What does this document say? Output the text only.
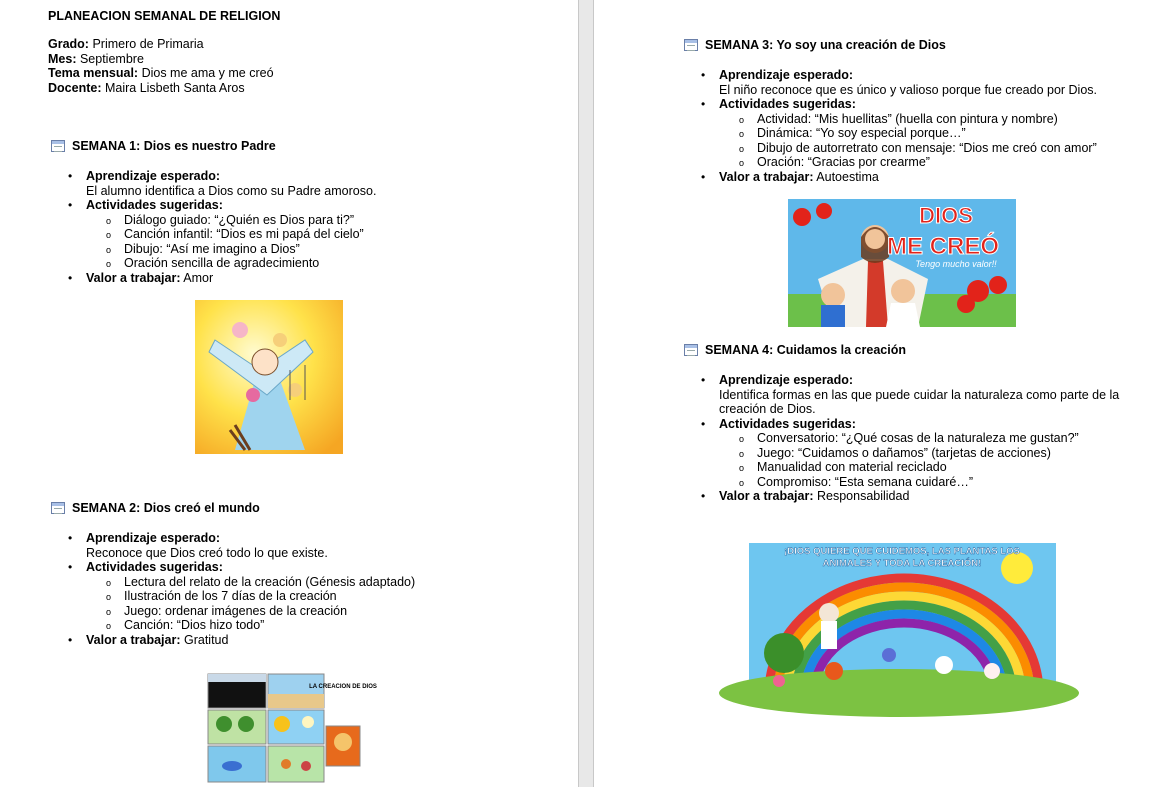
PLANEACION SEMANAL DE RELIGION
Grado: Primero de Primaria
Mes: Septiembre
Tema mensual: Dios me ama y me creó
Docente: Maira Lisbeth Santa Aros
SEMANA 1: Dios es nuestro Padre
• Aprendizaje esperado:
El alumno identifica a Dios como su Padre amoroso.
• Actividades sugeridas:
o Diálogo guiado: “¿Quién es Dios para ti?”
o Canción infantil: “Dios es mi papá del cielo”
o Dibujo: “Así me imagino a Dios”
o Oración sencilla de agradecimiento
• Valor a trabajar: Amor
SEMANA 2: Dios creó el mundo
• Aprendizaje esperado:
Reconoce que Dios creó todo lo que existe.
• Actividades sugeridas:
o Lectura del relato de la creación (Génesis adaptado)
o Ilustración de los 7 días de la creación
o Juego: ordenar imágenes de la creación
o Canción: “Dios hizo todo”
• Valor a trabajar: Gratitud
LA CREACION DE DIOS
SEMANA 3: Yo soy una creación de Dios
• Aprendizaje esperado:
El niño reconoce que es único y valioso porque fue creado por Dios.
• Actividades sugeridas:
o Actividad: “Mis huellitas” (huella con pintura y nombre)
o Dinámica: “Yo soy especial porque…”
o Dibujo de autorretrato con mensaje: “Dios me creó con amor”
o Oración: “Gracias por crearme”
• Valor a trabajar: Autoestima
DIOS
ME CREÓ
Tengo mucho valor!!
SEMANA 4: Cuidamos la creación
• Aprendizaje esperado:
Identifica formas en las que puede cuidar la naturaleza como parte de la creación de Dios.
• Actividades sugeridas:
o Conversatorio: “¿Qué cosas de la naturaleza me gustan?”
o Juego: “Cuidamos o dañamos” (tarjetas de acciones)
o Manualidad con material reciclado
o Compromiso: “Esta semana cuidaré…”
• Valor a trabajar: Responsabilidad
¡DIOS QUIERE QUE CUIDEMOS, LAS PLANTAS LOS
ANIMALES Y TODA LA CREACIÓN!
